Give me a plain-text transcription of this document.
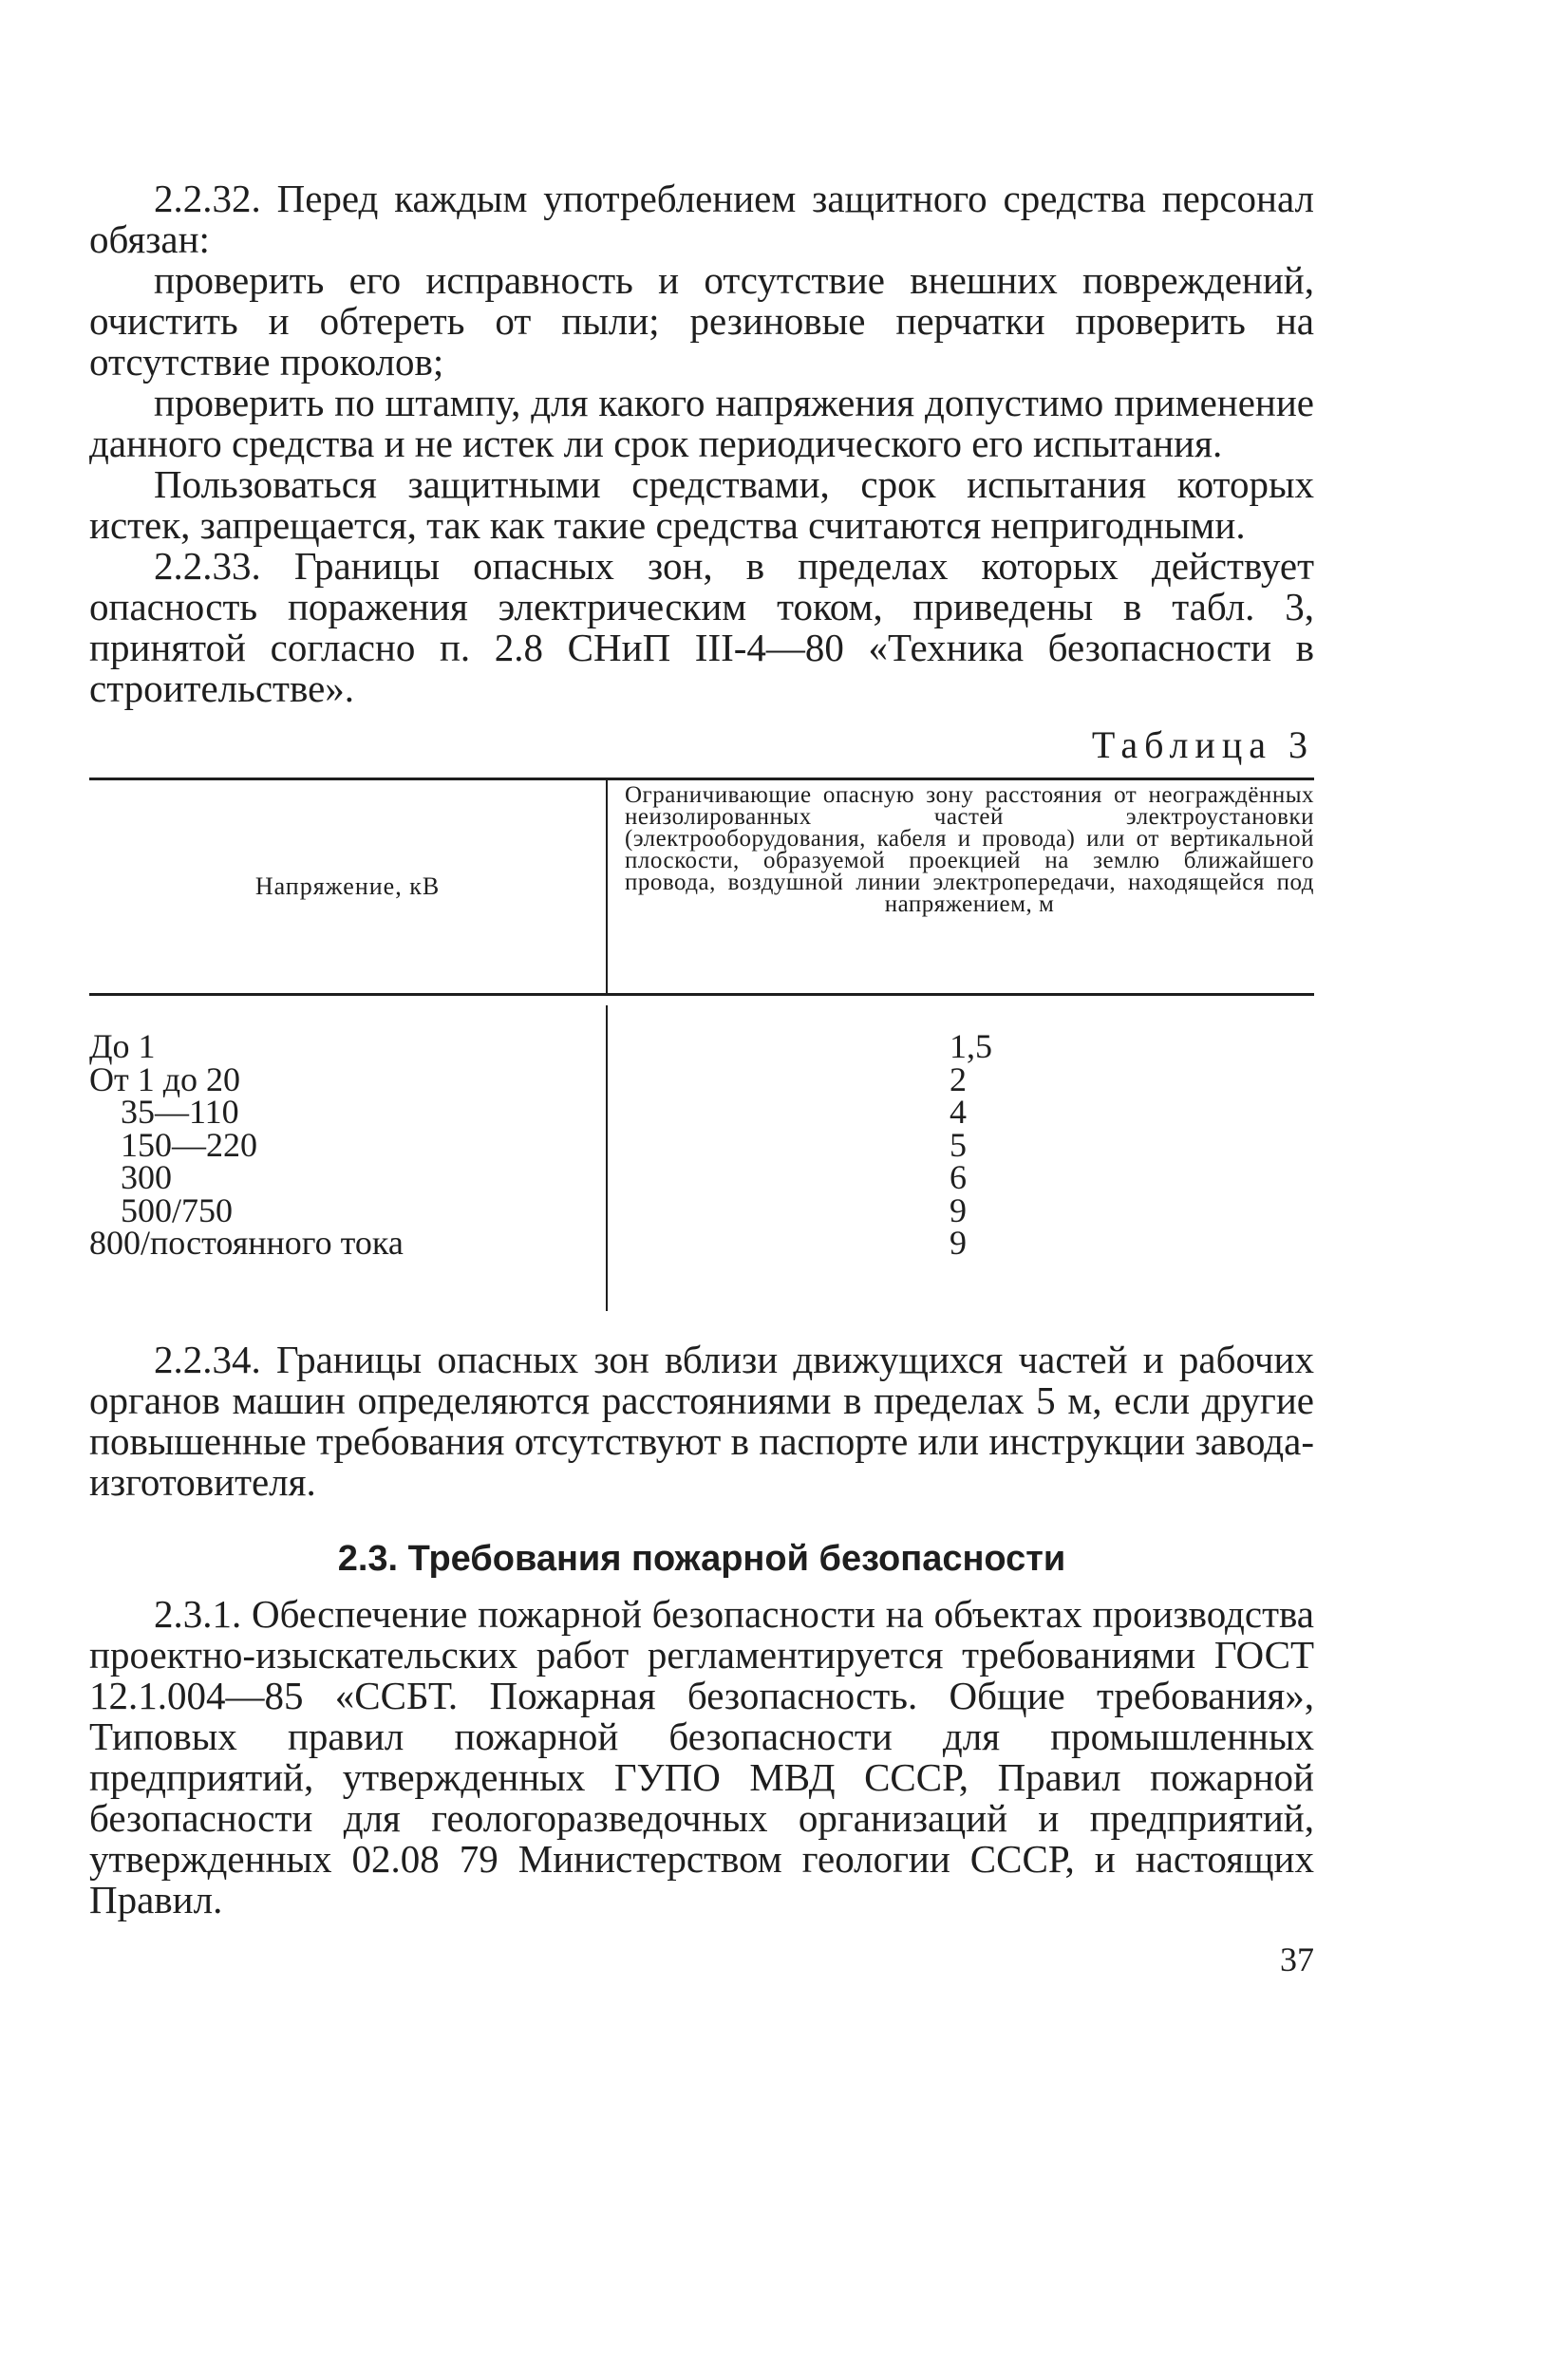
2.2.32. Перед каждым употреблением защитного средства персонал обязан:

проверить его исправность и отсутствие внешних повреждений, очистить и обтереть от пыли; резиновые перчатки проверить на отсутствие проколов;

проверить по штампу, для какого напряжения допустимо применение данного средства и не истек ли срок периодического его испытания.

Пользоваться защитными средствами, срок испытания которых истек, запрещается, так как такие средства считаются непригодными.

2.2.33. Границы опасных зон, в пределах которых действует опасность поражения электрическим током, приведены в табл. 3, принятой согласно п. 2.8 СНиП III-4—80 «Техника безопасности в строительстве».

Таблица 3
Напряжение, кВ
Ограничивающие опасную зону расстояния от неограждённых неизолированных частей электроустановки (электрооборудования, кабеля и провода) или от вертикальной плоскости, образуемой проекцией на землю ближайшего провода, воздушной линии электропередачи, находящейся под напряжением, м
До 1
От 1 до 20
35—110
150—220
300
500/750
800/постоянного тока
1,5
2
4
5
6
9
9

2.2.34. Границы опасных зон вблизи движущихся частей и рабочих органов машин определяются расстояниями в пределах 5 м, если другие повышенные требования отсутствуют в паспорте или инструкции завода-изготовителя.

2.3. Требования пожарной безопасности

2.3.1. Обеспечение пожарной безопасности на объектах производства проектно-изыскательских работ регламентируется требованиями ГОСТ 12.1.004—85 «ССБТ. Пожарная безопасность. Общие требования», Типовых правил пожарной безопасности для промышленных предприятий, утвержденных ГУПО МВД СССР, Правил пожарной безопасности для геологоразведочных организаций и предприятий, утвержденных 02.08 79 Министерством геологии СССР, и настоящих Правил.

37
